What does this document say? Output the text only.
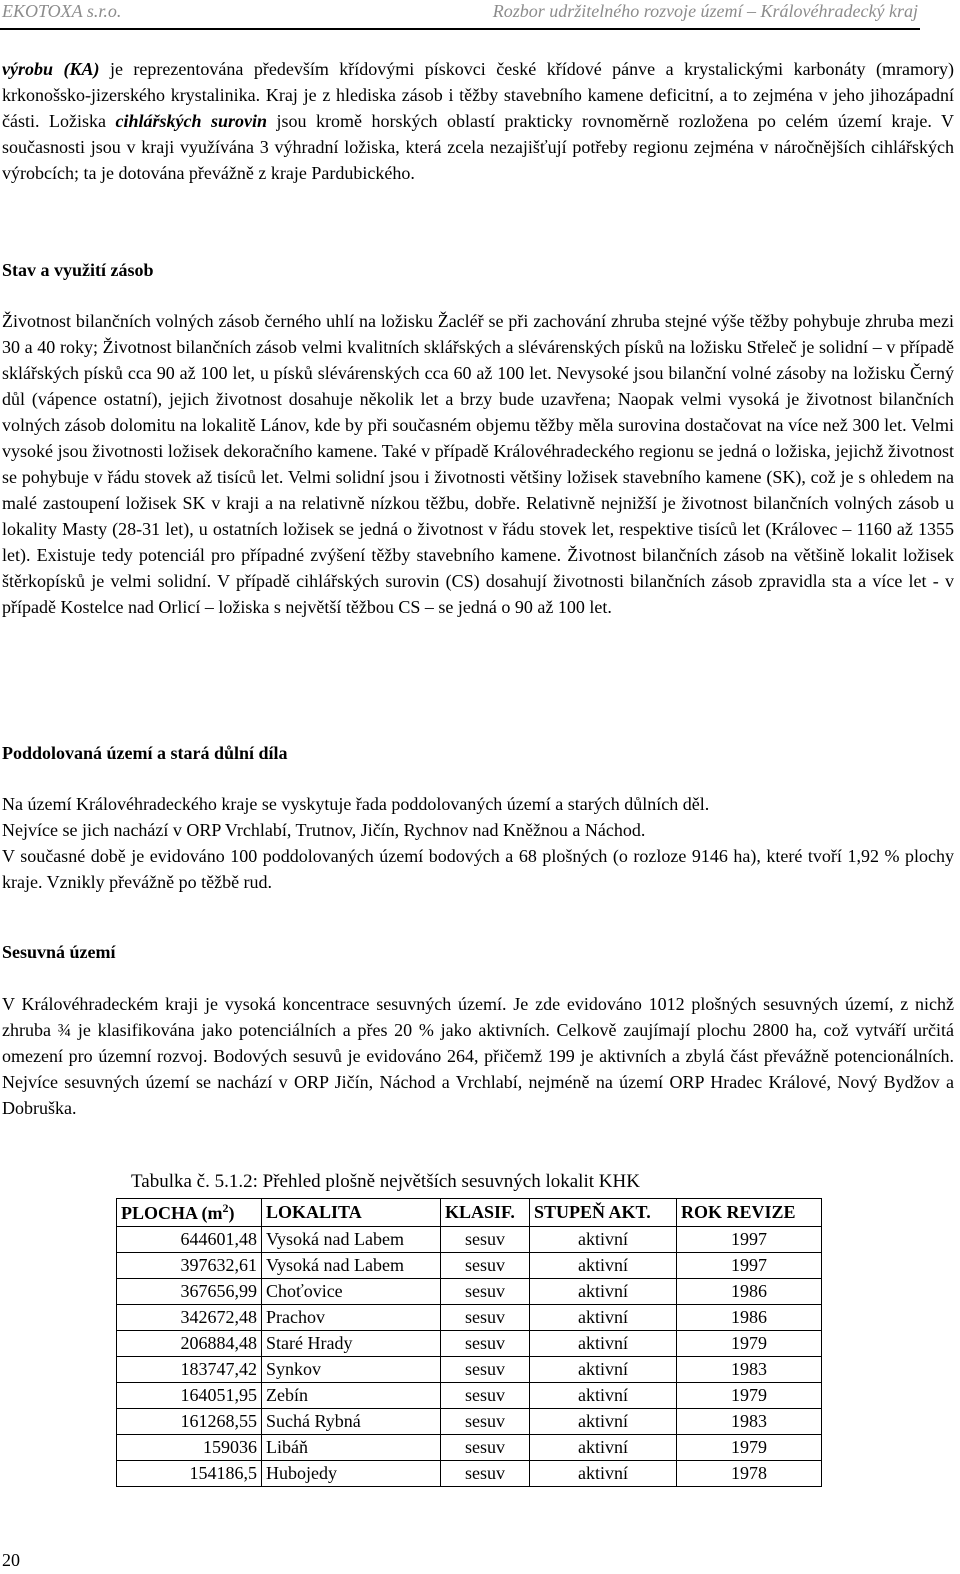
EKOTOXA s.r.o.	Rozbor udržitelného rozvoje území – Královéhradecký kraj

výrobu (KA) je reprezentována především křídovými pískovci české křídové pánve a krystalickými karbonáty (mramory) krkonošsko-jizerského krystalinika. Kraj je z hlediska zásob i těžby stavebního kamene deficitní, a to zejména v jeho jihozápadní části. Ložiska cihlářských surovin jsou kromě horských oblastí prakticky rovnoměrně rozložena po celém území kraje. V současnosti jsou v kraji využívána 3 výhradní ložiska, která zcela nezajišťují potřeby regionu zejména v náročnějších cihlářských výrobcích; ta je dotována převážně z kraje Pardubického.

Stav a využití zásob

Životnost bilančních volných zásob černého uhlí na ložisku Žacléř se při zachování zhruba stejné výše těžby pohybuje zhruba mezi 30 a 40 roky; Životnost bilančních zásob velmi kvalitních sklářských a slévárenských písků na ložisku Střeleč je solidní – v případě sklářských písků cca 90 až 100 let, u písků slévárenských cca 60 až 100 let. Nevysoké jsou bilanční volné zásoby na ložisku Černý důl (vápence ostatní), jejich životnost dosahuje několik let a brzy bude uzavřena; Naopak velmi vysoká je životnost bilančních volných zásob dolomitu na lokalitě Lánov, kde by při současném objemu těžby měla surovina dostačovat na více než 300 let. Velmi vysoké jsou životnosti ložisek dekoračního kamene. Také v případě Královéhradeckého regionu se jedná o ložiska, jejichž životnost se pohybuje v řádu stovek až tisíců let. Velmi solidní jsou i životnosti většiny ložisek stavebního kamene (SK), což je s ohledem na malé zastoupení ložisek SK v kraji a na relativně nízkou těžbu, dobře. Relativně nejnižší je životnost bilančních volných zásob u lokality Masty (28-31 let), u ostatních ložisek se jedná o životnost v řádu stovek let, respektive tisíců let (Královec – 1160 až 1355 let). Existuje tedy potenciál pro případné zvýšení těžby stavebního kamene. Životnost bilančních zásob na většině lokalit ložisek štěrkopísků je velmi solidní. V případě cihlářských surovin (CS) dosahují životnosti bilančních zásob zpravidla sta a více let - v případě Kostelce nad Orlicí – ložiska s největší těžbou CS – se jedná o 90 až 100 let.

Poddolovaná území a stará důlní díla

Na území Královéhradeckého kraje se vyskytuje řada poddolovaných území a starých důlních děl.

Nejvíce se jich nachází v ORP Vrchlabí, Trutnov, Jičín, Rychnov nad Kněžnou a Náchod.

V současné době je evidováno 100 poddolovaných území bodových a 68 plošných (o rozloze 9146 ha), které tvoří 1,92 % plochy kraje. Vznikly převážně po těžbě rud.

Sesuvná území

V Královéhradeckém kraji je vysoká koncentrace sesuvných území. Je zde evidováno 1012 plošných sesuvných území, z nichž zhruba ¾ je klasifikována jako potenciálních a přes 20 % jako aktivních. Celkově zaujímají plochu 2800 ha, což vytváří určitá omezení pro územní rozvoj. Bodových sesuvů je evidováno 264, přičemž 199 je aktivních a zbylá část převážně potencionálních. Nejvíce sesuvných území se nachází v ORP Jičín, Náchod a Vrchlabí, nejméně na území ORP Hradec Králové, Nový Bydžov a Dobruška.

Tabulka č. 5.1.2: Přehled plošně největších sesuvných lokalit KHK
PLOCHA $(m^2)$	LOKALITA	KLASIF.	STUPEŇ AKT.	ROK REVIZE
644601,48	Vysoká nad Labem	sesuv	aktivní	1997
397632,61	Vysoká nad Labem	sesuv	aktivní	1997
367656,99	Choťovice	sesuv	aktivní	1986
342672,48	Prachov	sesuv	aktivní	1986
206884,48	Staré Hrady	sesuv	aktivní	1979
183747,42	Synkov	sesuv	aktivní	1983
164051,95	Zebín	sesuv	aktivní	1979
161268,55	Suchá Rybná	sesuv	aktivní	1983
159036	Libáň	sesuv	aktivní	1979
154186,5	Hubojedy	sesuv	aktivní	1978
20
